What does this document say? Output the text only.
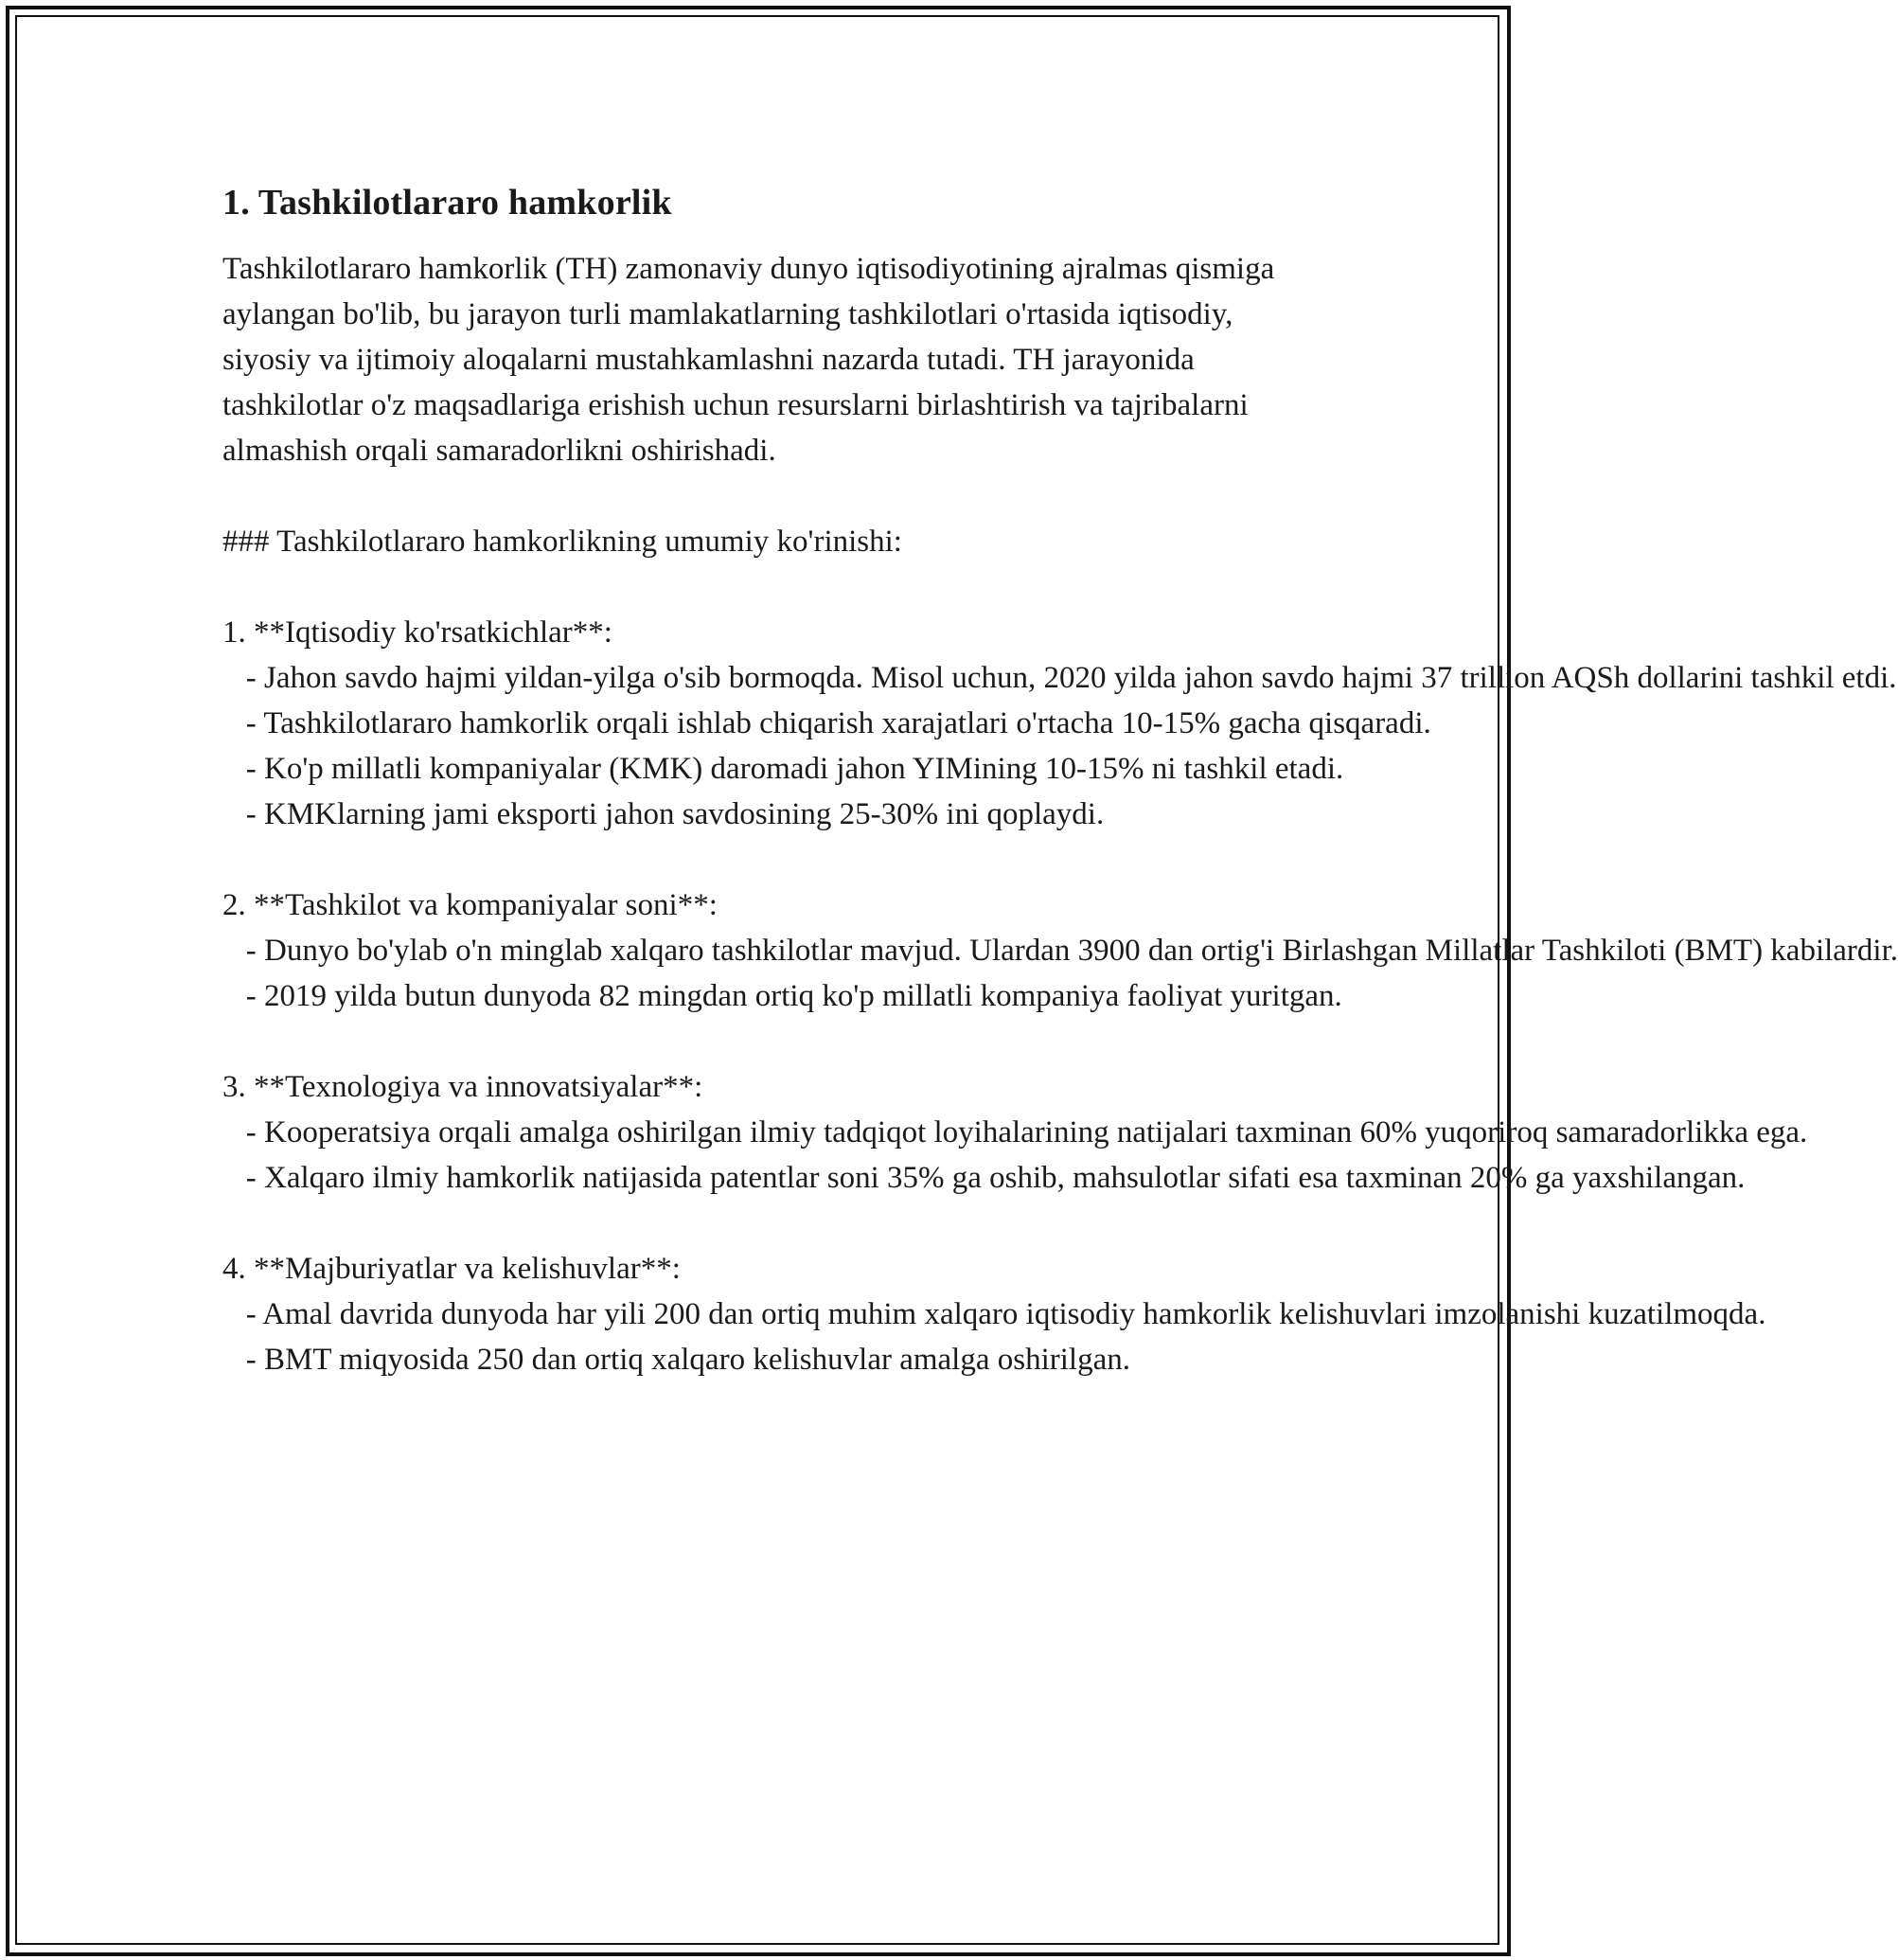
1. Tashkilotlararo hamkorlik

Tashkilotlararo hamkorlik (TH) zamonaviy dunyo iqtisodiyotining ajralmas qismiga aylangan bo'lib, bu jarayon turli mamlakatlarning tashkilotlari o'rtasida iqtisodiy, siyosiy va ijtimoiy aloqalarni mustahkamlashni nazarda tutadi. TH jarayonida tashkilotlar o'z maqsadlariga erishish uchun resurslarni birlashtirish va tajribalarni almashish orqali samaradorlikni oshirishadi.

### Tashkilotlararo hamkorlikning umumiy ko'rinishi:

1. **Iqtisodiy ko'rsatkichlar**:

- Jahon savdo hajmi yildan-yilga o'sib bormoqda. Misol uchun, 2020 yilda jahon savdo hajmi 37 trillion AQSh dollarini tashkil etdi.

- Tashkilotlararo hamkorlik orqali ishlab chiqarish xarajatlari o'rtacha 10-15% gacha qisqaradi.

- Ko'p millatli kompaniyalar (KMK) daromadi jahon YIMining 10-15% ni tashkil etadi.

- KMKlarning jami eksporti jahon savdosining 25-30% ini qoplaydi.

2. **Tashkilot va kompaniyalar soni**:

- Dunyo bo'ylab o'n minglab xalqaro tashkilotlar mavjud. Ulardan 3900 dan ortig'i Birlashgan Millatlar Tashkiloti (BMT) kabilardir.

- 2019 yilda butun dunyoda 82 mingdan ortiq ko'p millatli kompaniya faoliyat yuritgan.

3. **Texnologiya va innovatsiyalar**:

- Kooperatsiya orqali amalga oshirilgan ilmiy tadqiqot loyihalarining natijalari taxminan 60% yuqoriroq samaradorlikka ega.

- Xalqaro ilmiy hamkorlik natijasida patentlar soni 35% ga oshib, mahsulotlar sifati esa taxminan 20% ga yaxshilangan.

4. **Majburiyatlar va kelishuvlar**:

- Amal davrida dunyoda har yili 200 dan ortiq muhim xalqaro iqtisodiy hamkorlik kelishuvlari imzolanishi kuzatilmoqda.

- BMT miqyosida 250 dan ortiq xalqaro kelishuvlar amalga oshirilgan.
